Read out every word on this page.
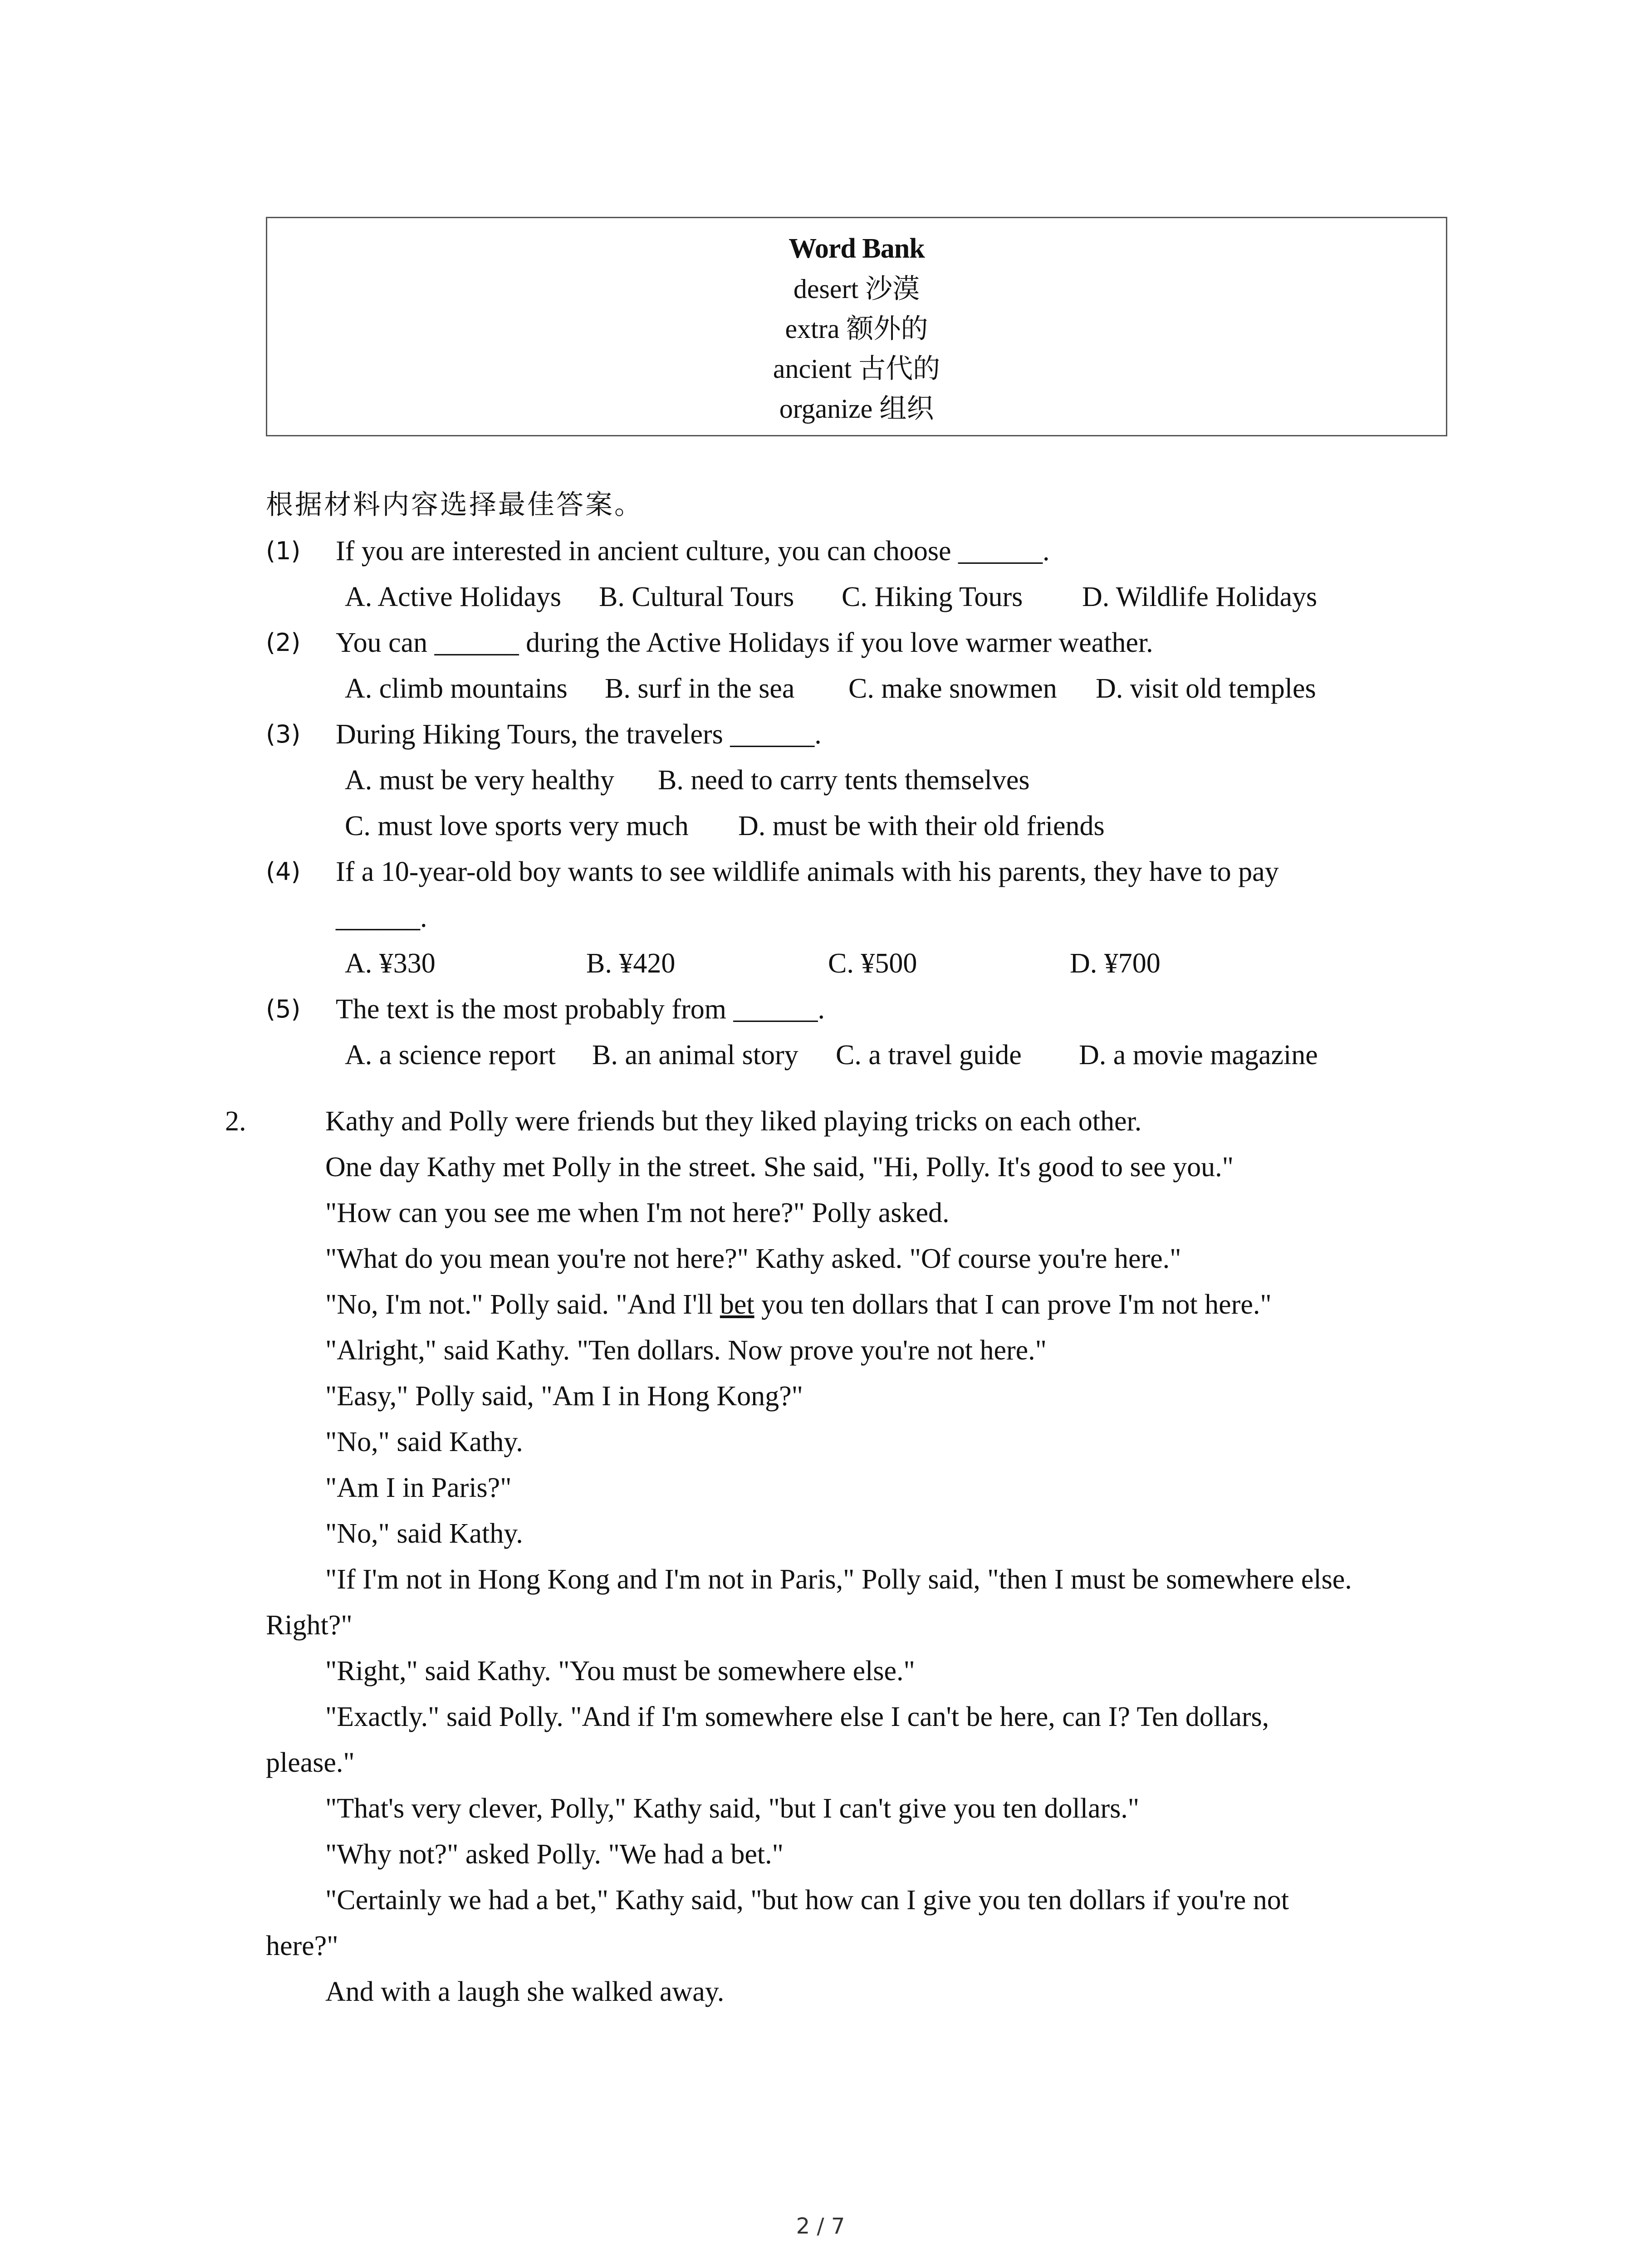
Word Bank
desert 沙漠
extra 额外的
ancient 古代的
organize 组织
根据材料内容选择最佳答案。
(1) If you are interested in ancient culture, you can choose ______.
A. Active Holidays B. Cultural Tours C. Hiking Tours D. Wildlife Holidays
(2) You can ______ during the Active Holidays if you love warmer weather.
A. climb mountains B. surf in the sea C. make snowmen D. visit old temples
(3) During Hiking Tours, the travelers ______.
A. must be very healthy B. need to carry tents themselves
C. must love sports very much D. must be with their old friends
(4) If a 10-year-old boy wants to see wildlife animals with his parents, they have to pay
______.
A. ¥330	B. ¥420	C. ¥500	D. ¥700
(5) The text is the most probably from ______.
A. a science report B. an animal story C. a travel guide D. a movie magazine
2.	Kathy and Polly were friends but they liked playing tricks on each other.
One day Kathy met Polly in the street. She said, "Hi, Polly. It's good to see you."
"How can you see me when I'm not here?" Polly asked.
"What do you mean you're not here?" Kathy asked. "Of course you're here."
"No, I'm not." Polly said. "And I'll bet you ten dollars that I can prove I'm not here."
"Alright," said Kathy. "Ten dollars. Now prove you're not here."
"Easy," Polly said, "Am I in Hong Kong?"
"No," said Kathy.
"Am I in Paris?"
"No," said Kathy.
"If I'm not in Hong Kong and I'm not in Paris," Polly said, "then I must be somewhere else.
Right?"
"Right," said Kathy. "You must be somewhere else."
"Exactly." said Polly. "And if I'm somewhere else I can't be here, can I? Ten dollars,
please."
"That's very clever, Polly," Kathy said, "but I can't give you ten dollars."
"Why not?" asked Polly. "We had a bet."
"Certainly we had a bet," Kathy said, "but how can I give you ten dollars if you're not
here?"
And with a laugh she walked away.
2 / 7
